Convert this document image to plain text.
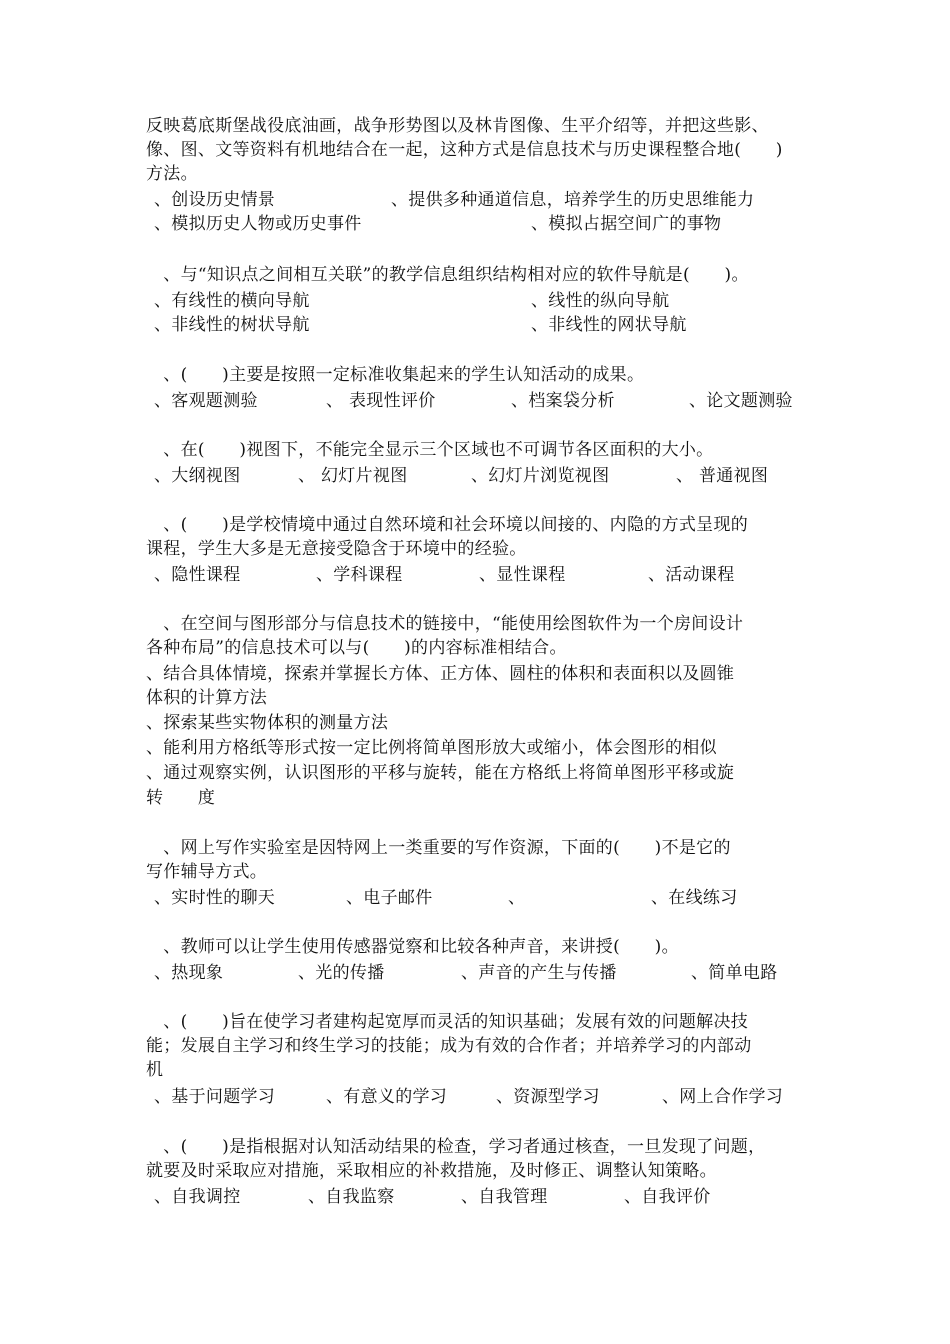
反映葛底斯堡战役底油画，战争形势图以及林肯图像、生平介绍等，并把这些影、
像、图、文等资料有机地结合在一起，这种方式是信息技术与历史课程整合地(　　)
方法。
、创设历史情景	、提供多种通道信息，培养学生的历史思维能力
、模拟历史人物或历史事件	、模拟占据空间广的事物
　、与“知识点之间相互关联”的教学信息组织结构相对应的软件导航是(　　)。
、有线性的横向导航	、线性的纵向导航
、非线性的树状导航	、非线性的网状导航
　、(　　)主要是按照一定标准收集起来的学生认知活动的成果。
、客观题测验	、 表现性评价	、档案袋分析	、论文题测验
　、在(　　)视图下，不能完全显示三个区域也不可调节各区面积的大小。
、大纲视图	、 幻灯片视图	、幻灯片浏览视图	、 普通视图
　、(　　)是学校情境中通过自然环境和社会环境以间接的、内隐的方式呈现的
课程，学生大多是无意接受隐含于环境中的经验。
、隐性课程	、学科课程	、显性课程	、活动课程
　、在空间与图形部分与信息技术的链接中，“能使用绘图软件为一个房间设计
各种布局”的信息技术可以与(　　)的内容标准相结合。
、结合具体情境，探索并掌握长方体、正方体、圆柱的体积和表面积以及圆锥
体积的计算方法
、探索某些实物体积的测量方法
、能利用方格纸等形式按一定比例将简单图形放大或缩小，体会图形的相似
、通过观察实例，认识图形的平移与旋转，能在方格纸上将简单图形平移或旋
转　　度
　、网上写作实验室是因特网上一类重要的写作资源，下面的(　　)不是它的
写作辅导方式。
、实时性的聊天	、电子邮件	、	、在线练习
　、教师可以让学生使用传感器觉察和比较各种声音，来讲授(　　)。
、热现象	、光的传播	、声音的产生与传播	、简单电路
　、(　　)旨在使学习者建构起宽厚而灵活的知识基础；发展有效的问题解决技
能；发展自主学习和终生学习的技能；成为有效的合作者；并培养学习的内部动
机
、基于问题学习	、有意义的学习	、资源型学习	、网上合作学习
　、(　　)是指根据对认知活动结果的检查，学习者通过核查，一旦发现了问题，
就要及时采取应对措施，采取相应的补救措施，及时修正、调整认知策略。
、自我调控	、自我监察	、自我管理	、自我评价
